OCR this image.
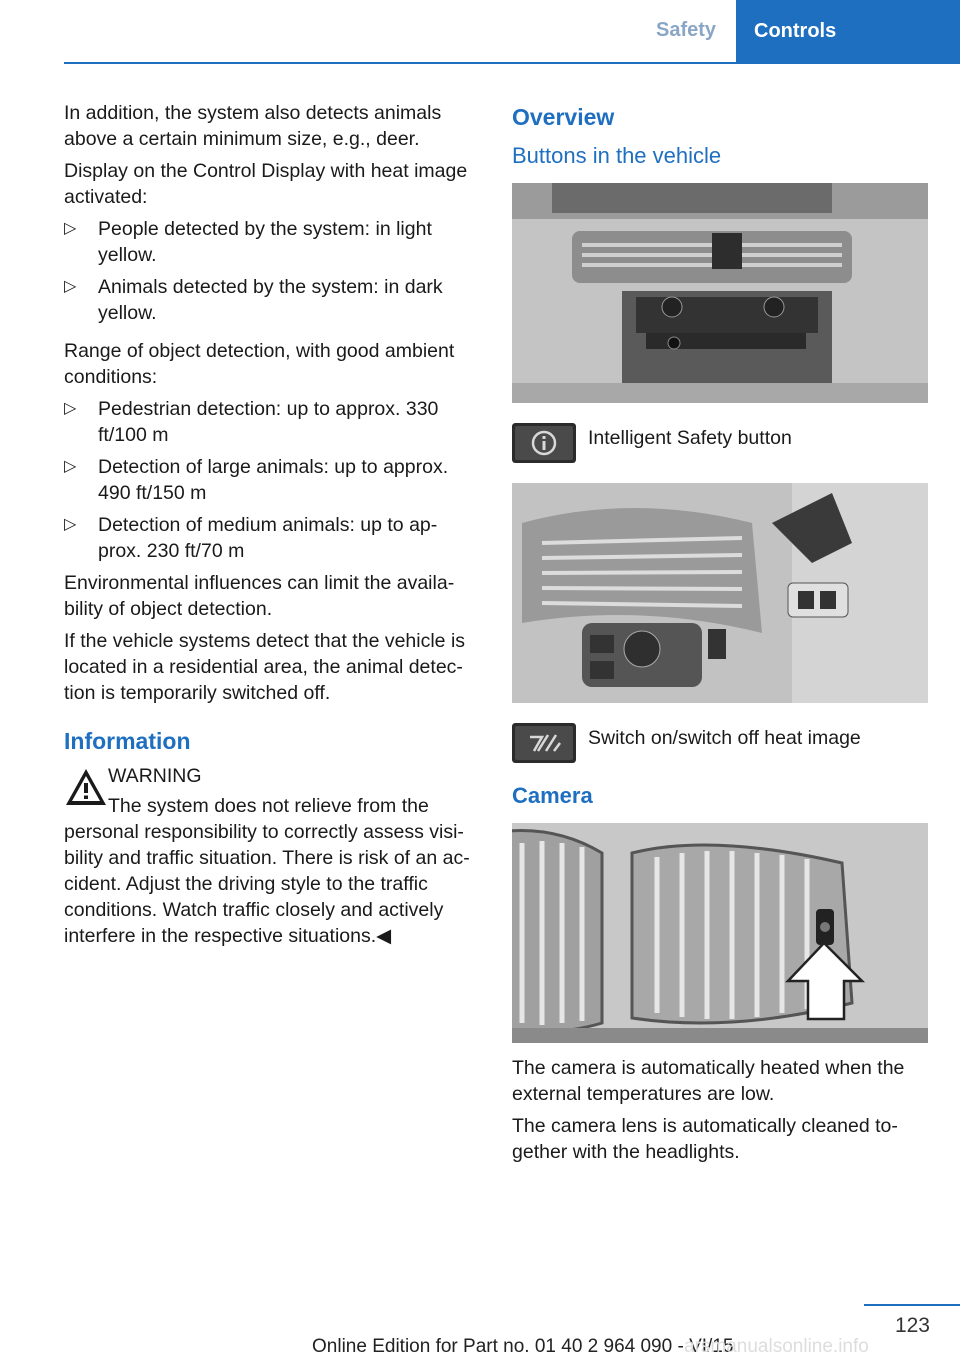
Safety	Controls

In addition, the system also detects animals above a certain minimum size, e.g., deer.

Display on the Control Display with heat image activated:

▷ People detected by the system: in light yellow.
▷ Animals detected by the system: in dark yellow.

Range of object detection, with good ambient conditions:

▷ Pedestrian detection: up to approx. 330 ft/100 m
▷ Detection of large animals: up to approx. 490 ft/150 m
▷ Detection of medium animals: up to ap‐ prox. 230 ft/70 m

Environmental influences can limit the availa‐ bility of object detection.

If the vehicle systems detect that the vehicle is located in a residential area, the animal detec‐ tion is temporarily switched off.

Information
WARNING
The system does not relieve from the
personal responsibility to correctly assess visi‐ bility and traffic situation. There is risk of an ac‐ cident. Adjust the driving style to the traffic conditions. Watch traffic closely and actively interfere in the respective situations.◀
Overview
Buttons in the vehicle
Intelligent Safety button
Switch on/switch off heat image
Camera

The camera is automatically heated when the external temperatures are low.

The camera lens is automatically cleaned to‐ gether with the headlights.

123
Online Edition for Part no. 01 40 2 964 090 - VI/15
arsmanualsonline.info
